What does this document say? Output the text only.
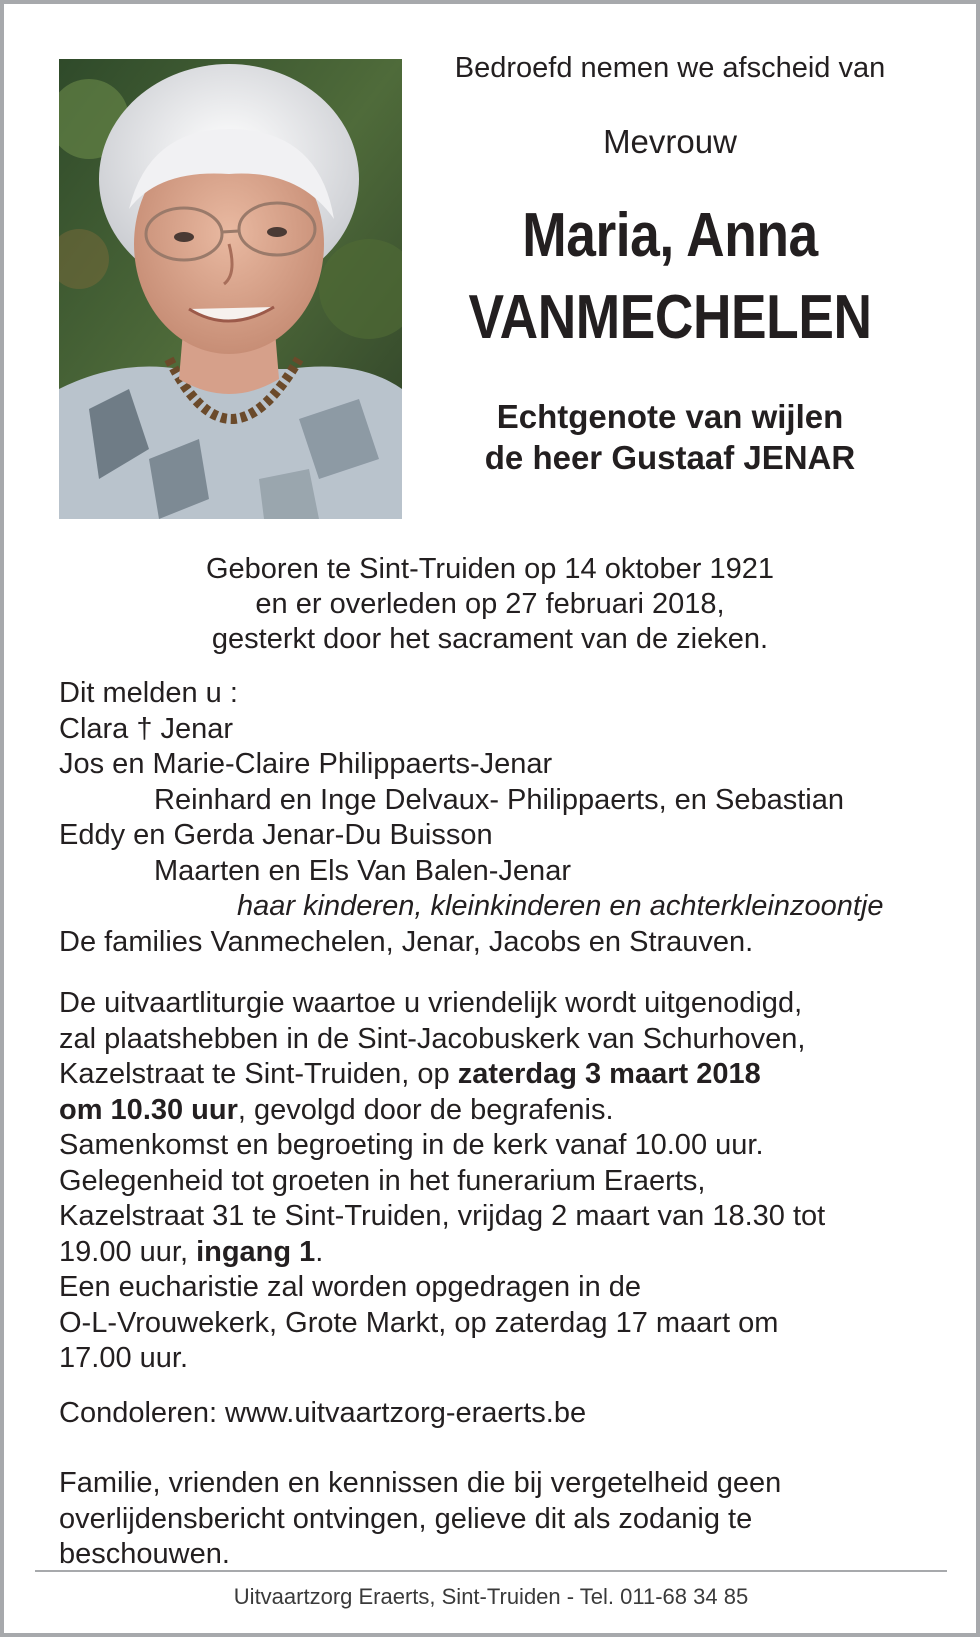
Bedroefd nemen we afscheid van
Mevrouw
Maria, Anna
VANMECHELEN
Echtgenote van wijlen
de heer Gustaaf JENAR
Geboren te Sint-Truiden op 14 oktober 1921
en er overleden op 27 februari 2018,
gesterkt door het sacrament van de zieken.
Dit melden u :
Clara † Jenar
Jos en Marie-Claire Philippaerts-Jenar
Reinhard en Inge Delvaux- Philippaerts, en Sebastian
Eddy en Gerda Jenar-Du Buisson
Maarten en Els Van Balen-Jenar
haar kinderen, kleinkinderen en achterkleinzoontje
De families Vanmechelen, Jenar, Jacobs en Strauven.
De uitvaartliturgie waartoe u vriendelijk wordt uitgenodigd,
zal plaatshebben in de Sint-Jacobuskerk van Schurhoven,
Kazelstraat te Sint-Truiden, op zaterdag 3 maart 2018
om 10.30 uur, gevolgd door de begrafenis.
Samenkomst en begroeting in de kerk vanaf 10.00 uur.
Gelegenheid tot groeten in het funerarium Eraerts,
Kazelstraat 31 te Sint-Truiden, vrijdag 2 maart van 18.30 tot
19.00 uur, ingang 1.
Een eucharistie zal worden opgedragen in de
O-L-Vrouwekerk, Grote Markt, op zaterdag 17 maart om
17.00 uur.
Condoleren: www.uitvaartzorg-eraerts.be
Familie, vrienden en kennissen die bij vergetelheid geen
overlijdensbericht ontvingen, gelieve dit als zodanig te
beschouwen.
Uitvaartzorg Eraerts, Sint-Truiden - Tel. 011-68 34 85
